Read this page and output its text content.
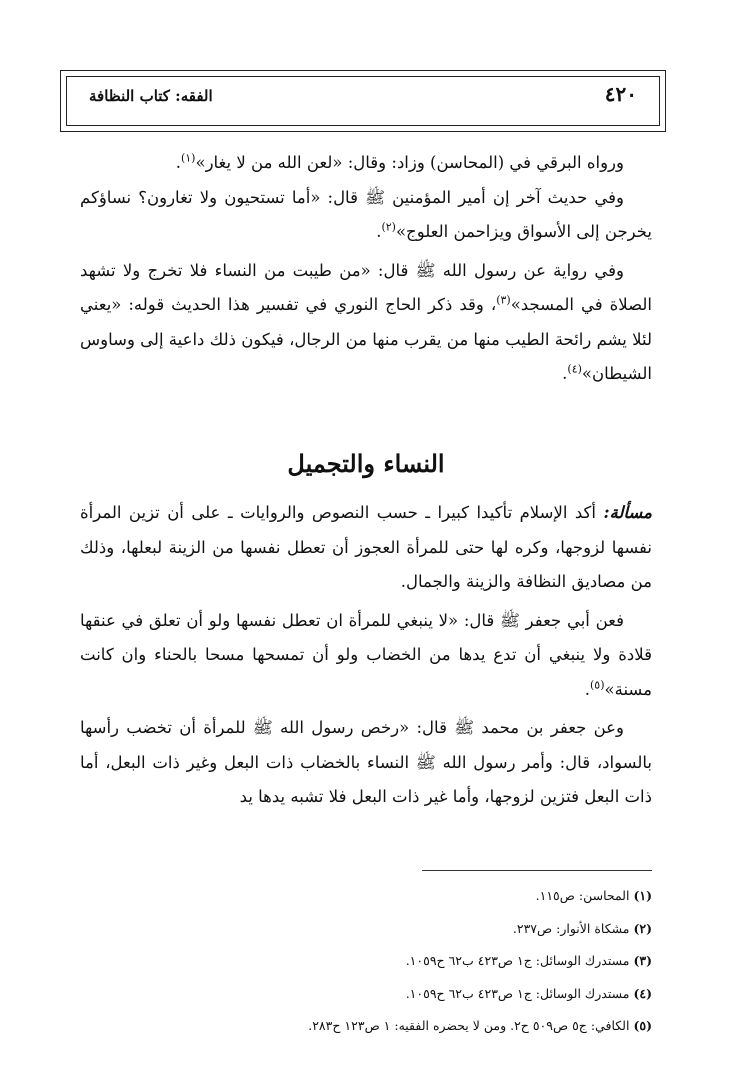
٤٢٠
الفقه: كتاب النظافة

ورواه البرقي في (المحاسن) وزاد: وقال: «لعن الله من لا يغار»$^{(١)}$.

وفي حديث آخر إن أمير المؤمنين ﷺ قال: «أما تستحيون ولا تغارون؟ نساؤكم يخرجن إلى الأسواق ويزاحمن العلوج»$^{(٢)}$.

وفي رواية عن رسول الله ﷺ قال: «من طيبت من النساء فلا تخرج ولا تشهد الصلاة في المسجد»$^{(٣)}$، وقد ذكر الحاج النوري في تفسير هذا الحديث قوله: «يعني لئلا يشم رائحة الطيب منها من يقرب منها من الرجال، فيكون ذلك داعية إلى وساوس الشيطان»$^{(٤)}$.

النساء والتجميل

مسألة: أكد الإسلام تأكيدا كبيرا ـ حسب النصوص والروايات ـ على أن تزين المرأة نفسها لزوجها، وكره لها حتى للمرأة العجوز أن تعطل نفسها من الزينة لبعلها، وذلك من مصاديق النظافة والزينة والجمال.

فعن أبي جعفر ﷺ قال: «لا ينبغي للمرأة ان تعطل نفسها ولو أن تعلق في عنقها قلادة ولا ينبغي أن تدع يدها من الخضاب ولو أن تمسحها مسحا بالحناء وان كانت مسنة»$^{(٥)}$.

وعن جعفر بن محمد ﷺ قال: «رخص رسول الله ﷺ للمرأة أن تخضب رأسها بالسواد، قال: وأمر رسول الله ﷺ النساء بالخضاب ذات البعل وغير ذات البعل، أما ذات البعل فتزين لزوجها، وأما غير ذات البعل فلا تشبه يدها يد

(١) المحاسن: ص١١٥.

(٢) مشكاة الأنوار: ص٢٣٧.

(٣) مستدرك الوسائل: ج١ ص٤٢٣ ب٦٢ ح١٠٥٩.

(٤) مستدرك الوسائل: ج١ ص٤٢٣ ب٦٢ ح١٠٥٩.

(٥) الكافي: ج٥ ص٥٠٩ ح٢. ومن لا يحضره الفقيه: ١ ص١٢٣ ح٢٨٣.
